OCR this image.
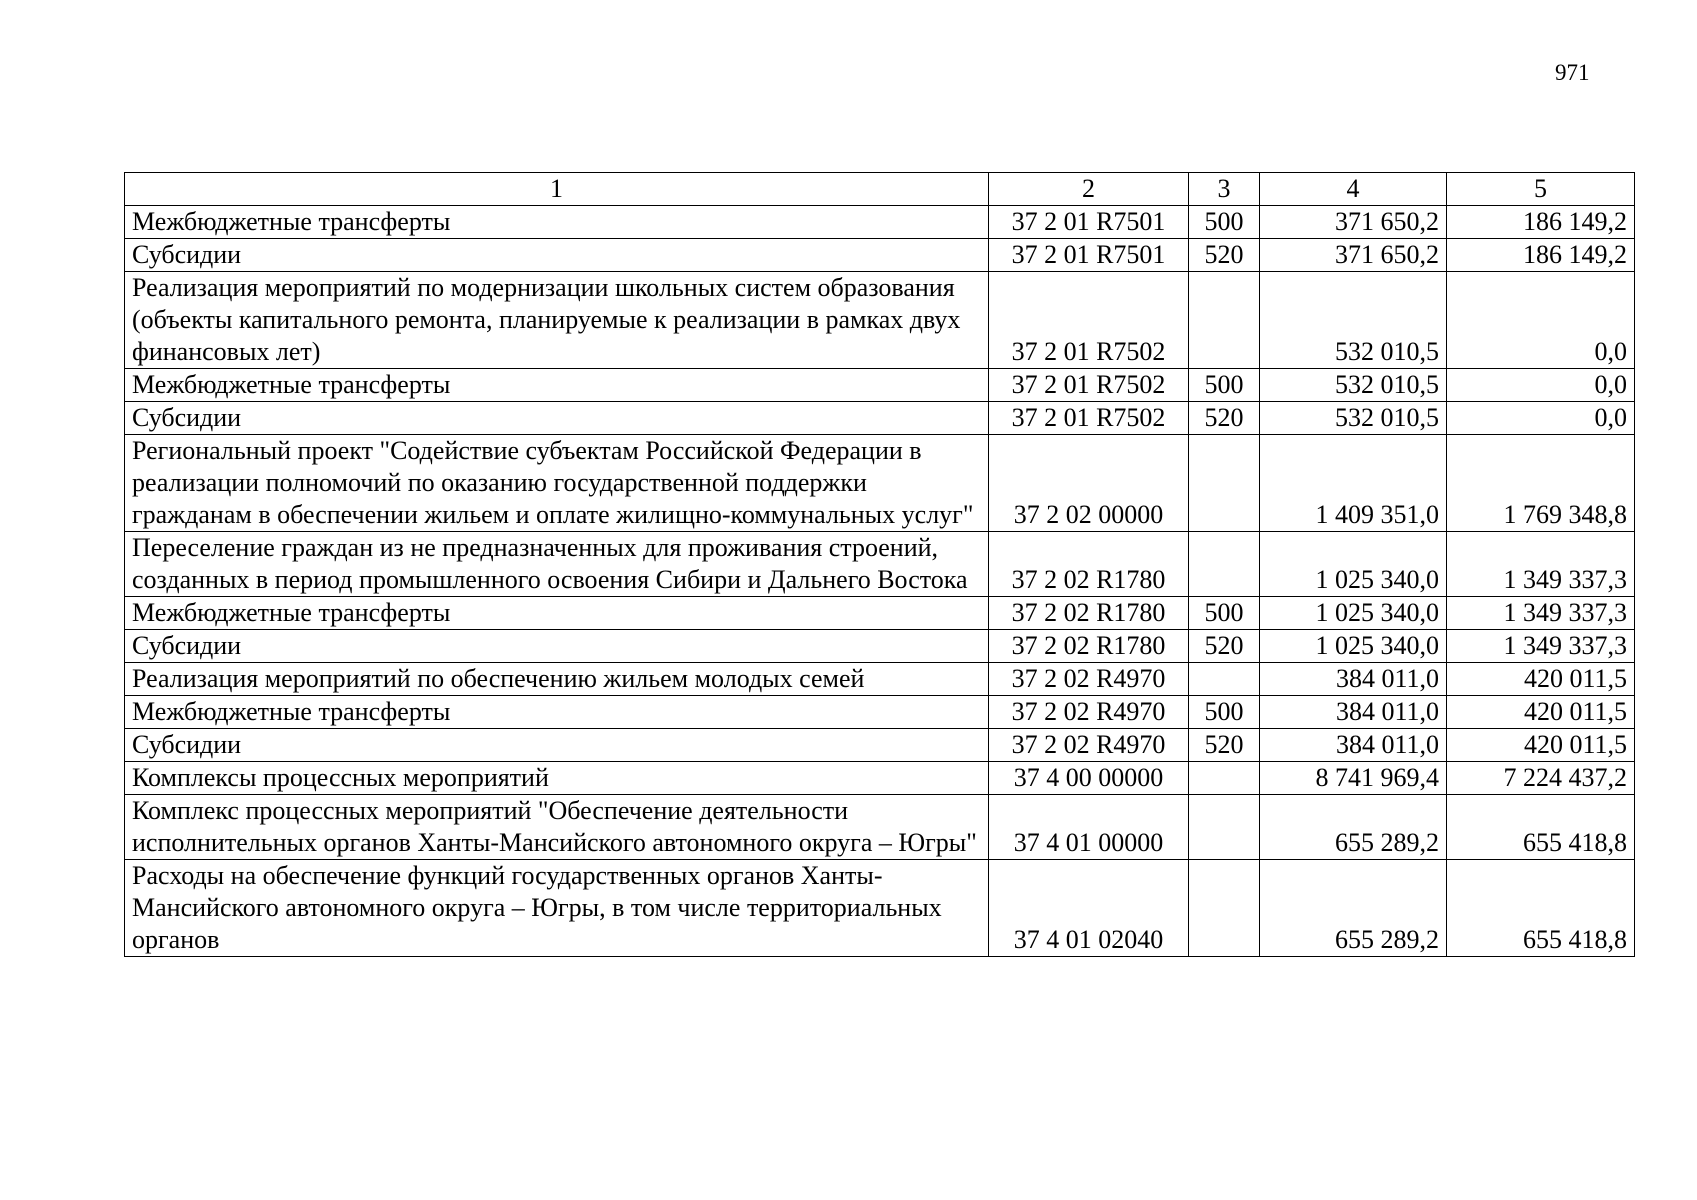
971
1	2	3	4	5
Межбюджетные трансферты	37 2 01 R7501	500	371 650,2	186 149,2
Субсидии	37 2 01 R7501	520	371 650,2	186 149,2
Реализация мероприятий по модернизации школьных систем образования (объекты капитального ремонта, планируемые к реализации в рамках двух финансовых лет)	37 2 01 R7502		532 010,5	0,0
Межбюджетные трансферты	37 2 01 R7502	500	532 010,5	0,0
Субсидии	37 2 01 R7502	520	532 010,5	0,0
Региональный проект "Содействие субъектам Российской Федерации в реализации полномочий по оказанию государственной поддержки гражданам в обеспечении жильем и оплате жилищно-коммунальных услуг"	37 2 02 00000		1 409 351,0	1 769 348,8
Переселение граждан из не предназначенных для проживания строений, созданных в период промышленного освоения Сибири и Дальнего Востока	37 2 02 R1780		1 025 340,0	1 349 337,3
Межбюджетные трансферты	37 2 02 R1780	500	1 025 340,0	1 349 337,3
Субсидии	37 2 02 R1780	520	1 025 340,0	1 349 337,3
Реализация мероприятий по обеспечению жильем молодых семей	37 2 02 R4970		384 011,0	420 011,5
Межбюджетные трансферты	37 2 02 R4970	500	384 011,0	420 011,5
Субсидии	37 2 02 R4970	520	384 011,0	420 011,5
Комплексы процессных мероприятий	37 4 00 00000		8 741 969,4	7 224 437,2
Комплекс процессных мероприятий "Обеспечение деятельности исполнительных органов Ханты-Мансийского автономного округа – Югры"	37 4 01 00000		655 289,2	655 418,8
Расходы на обеспечение функций государственных органов Ханты-Мансийского автономного округа – Югры, в том числе территориальных органов	37 4 01 02040		655 289,2	655 418,8
